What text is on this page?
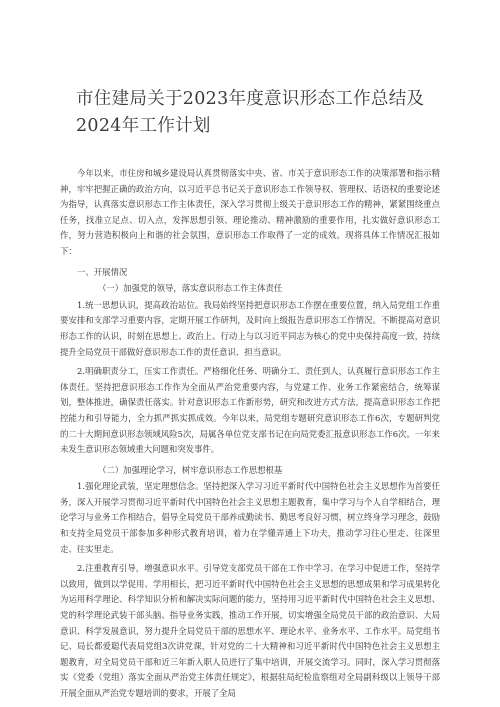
市住建局关于2023年度意识形态工作总结及2024年工作计划

今年以来，市住房和城乡建设局认真贯彻落实中央、省、市关于意识形态工作的决策部署和指示精神，牢牢把握正确的政治方向，以习近平总书记关于意识形态工作领导权、管理权、话语权的重要论述为指导，认真落实意识形态工作主体责任，深入学习贯彻上级关于意识形态工作的精神，紧紧围绕重点任务，找准立足点、切入点，发挥思想引领、理论推动、精神激励的重要作用，扎实做好意识形态工作，努力营造积极向上和谐的社会氛围，意识形态工作取得了一定的成效。现将具体工作情况汇报如下：

一、开展情况

（一）加强党的领导，落实意识形态工作主体责任

1.统一思想认识，提高政治站位。我局始终坚持把意识形态工作摆在重要位置，纳入局党组工作重要安排和支部学习重要内容，定期开展工作研判，及时向上级报告意识形态工作情况。不断提高对意识形态工作的认识，时刻在思想上、政治上、行动上与以习近平同志为核心的党中央保持高度一致，持续提升全局党员干部做好意识形态工作的责任意识、担当意识。

2.明确职责分工，压实工作责任。严格细化任务、明确分工、责任到人，认真履行意识形态工作主体责任。坚持把意识形态工作作为全面从严治党重要内容，与党建工作、业务工作紧密结合，统筹谋划，整体推进，确保责任落实。针对意识形态工作新形势，研究和改进方式方法，提高意识形态工作把控能力和引导能力，全力抓严抓实抓成效。今年以来，局党组专题研究意识形态工作6次，专题研判党的二十大期间意识形态领域风险5次，局属各单位党支部书记在向局党委汇报意识形态工作6次。一年来未发生意识形态领域重大问题和突发事件。

（二）加强理论学习，树牢意识形态工作思想根基

1.强化理论武装，坚定理想信念。坚持把深入学习习近平新时代中国特色社会主义思想作为首要任务，深入开展学习贯彻习近平新时代中国特色社会主义思想主题教育，集中学习与个人自学相结合，理论学习与业务工作相结合，倡导全局党员干部养成勤读书、勤思考良好习惯，树立终身学习理念，鼓励和支持全局党员干部参加多种形式教育培训，着力在学懂弄通上下功夫，推动学习往心里走、往深里走、往实里走。

2.注重教育引导，增强意识水平。引导党支部党员干部在工作中学习、在学习中促进工作，坚持学以致用，做到以学促用、学用相长，把习近平新时代中国特色社会主义思想的思想成果和学习成果转化为运用科学理论、科学知识分析和解决实际问题的能力，坚持用习近平新时代中国特色社会主义思想、党的科学理论武装干部头脑、指导业务实践，推动工作开展，切实增强全局党员干部的政治意识、大局意识、科学发展意识，努力提升全局党员干部的思想水平、理论水平、业务水平、工作水平。局党组书记、局长都爱聪代表局党组3次讲党课，针对党的二十大精神和习近平新时代中国特色社会主义思想主题教育，对全局党员干部和近三年新入职人员进行了集中培训，开展交流学习。同时，深入学习贯彻落实《党委（党组）落实全面从严治党主体责任规定》，根据驻局纪检监察组对全局副科级以上领导干部开展全面从严治党专题培训的要求，开展了全局
